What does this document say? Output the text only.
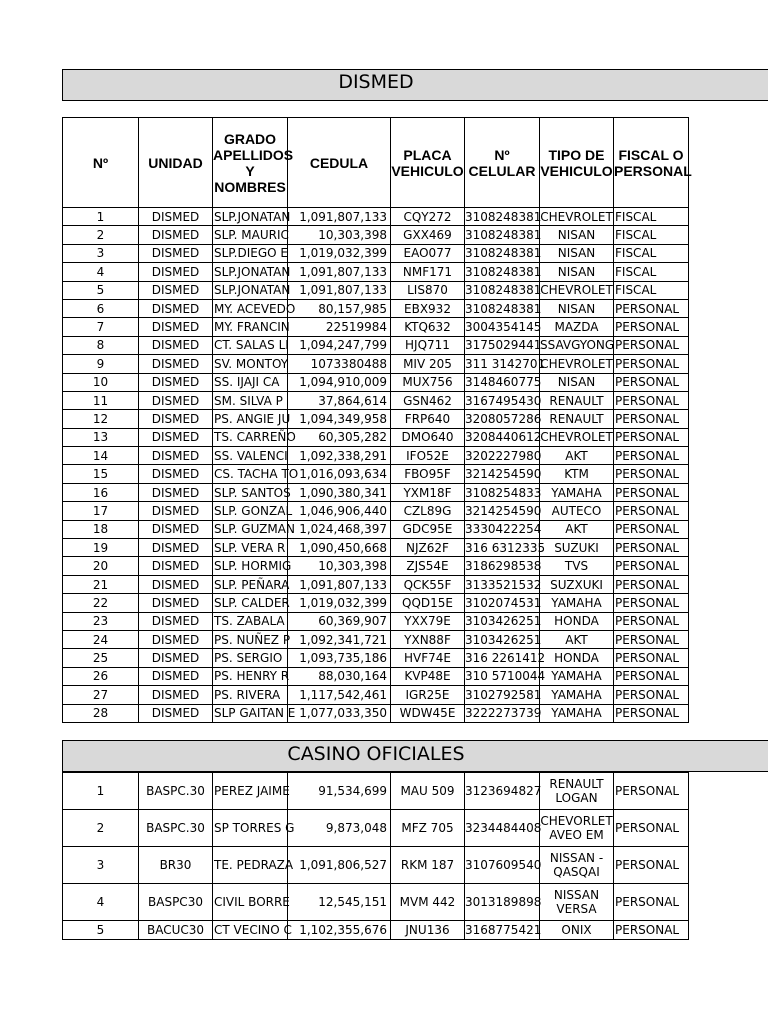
DISMED
Nº	UNIDAD	GRADO APELLIDOS Y NOMBRES	CEDULA	PLACA VEHICULO	Nº CELULAR	TIPO DE VEHICULO	FISCAL O PERSONAL
1	DISMED	SLP.JONATAN	1,091,807,133	CQY272	3108248381	CHEVROLET	FISCAL
2	DISMED	SLP. MAURIC	10,303,398	GXX469	3108248381	NISAN	FISCAL
3	DISMED	SLP.DIEGO E	1,019,032,399	EAO077	3108248381	NISAN	FISCAL
4	DISMED	SLP.JONATAN	1,091,807,133	NMF171	3108248381	NISAN	FISCAL
5	DISMED	SLP.JONATAN	1,091,807,133	LIS870	3108248381	CHEVROLET	FISCAL
6	DISMED	MY. ACEVEDO	80,157,985	EBX932	3108248381	NISAN	PERSONAL
7	DISMED	MY. FRANCIN	22519984	KTQ632	3004354145	MAZDA	PERSONAL
8	DISMED	CT. SALAS LI	1,094,247,799	HJQ711	3175029441	SSAVGYONG	PERSONAL
9	DISMED	SV. MONTOY	1073380488	MIV 205	311 3142701	CHEVROLET	PERSONAL
10	DISMED	SS. IJAJI CA	1,094,910,009	MUX756	3148460775	NISAN	PERSONAL
11	DISMED	SM. SILVA P	37,864,614	GSN462	3167495430	RENAULT	PERSONAL
12	DISMED	PS. ANGIE JU	1,094,349,958	FRP640	3208057286	RENAULT	PERSONAL
13	DISMED	TS. CARREÑO	60,305,282	DMO640	3208440612	CHEVROLET	PERSONAL
14	DISMED	SS. VALENCI	1,092,338,291	IFO52E	3202227980	AKT	PERSONAL
15	DISMED	CS. TACHA TO	1,016,093,634	FBO95F	3214254590	KTM	PERSONAL
16	DISMED	SLP. SANTOS	1,090,380,341	YXM18F	3108254833	YAMAHA	PERSONAL
17	DISMED	SLP. GONZAL	1,046,906,440	CZL89G	3214254590	AUTECO	PERSONAL
18	DISMED	SLP. GUZMAN	1,024,468,397	GDC95E	3330422254	AKT	PERSONAL
19	DISMED	SLP. VERA R	1,090,450,668	NJZ62F	316 6312335	SUZUKI	PERSONAL
20	DISMED	SLP. HORMIG	10,303,398	ZJS54E	3186298538	TVS	PERSONAL
21	DISMED	SLP. PEÑARA	1,091,807,133	QCK55F	3133521532	SUZXUKI	PERSONAL
22	DISMED	SLP. CALDER	1,019,032,399	QQD15E	3102074531	YAMAHA	PERSONAL
23	DISMED	TS. ZABALA	60,369,907	YXX79E	3103426251	HONDA	PERSONAL
24	DISMED	PS. NUÑEZ P	1,092,341,721	YXN88F	3103426251	AKT	PERSONAL
25	DISMED	PS. SERGIO	1,093,735,186	HVF74E	316 2261412	HONDA	PERSONAL
26	DISMED	PS. HENRY R	88,030,164	KVP48E	310 5710044	YAMAHA	PERSONAL
27	DISMED	PS. RIVERA	1,117,542,461	IGR25E	3102792581	YAMAHA	PERSONAL
28	DISMED	SLP GAITAN E	1,077,033,350	WDW45E	3222273739	YAMAHA	PERSONAL
CASINO OFICIALES
1	BASPC.30	PEREZ JAIME	91,534,699	MAU 509	3123694827	RENAULT LOGAN	PERSONAL
2	BASPC.30	SP TORRES G	9,873,048	MFZ 705	3234484408	CHEVORLET AVEO EM	PERSONAL
3	BR30	TE. PEDRAZA	1,091,806,527	RKM 187	3107609540	NISSAN - QASQAI	PERSONAL
4	BASPC30	CIVIL BORRE	12,545,151	MVM 442	3013189898	NISSAN VERSA	PERSONAL
5	BACUC30	CT VECINO C	1,102,355,676	JNU136	3168775421	ONIX	PERSONAL
